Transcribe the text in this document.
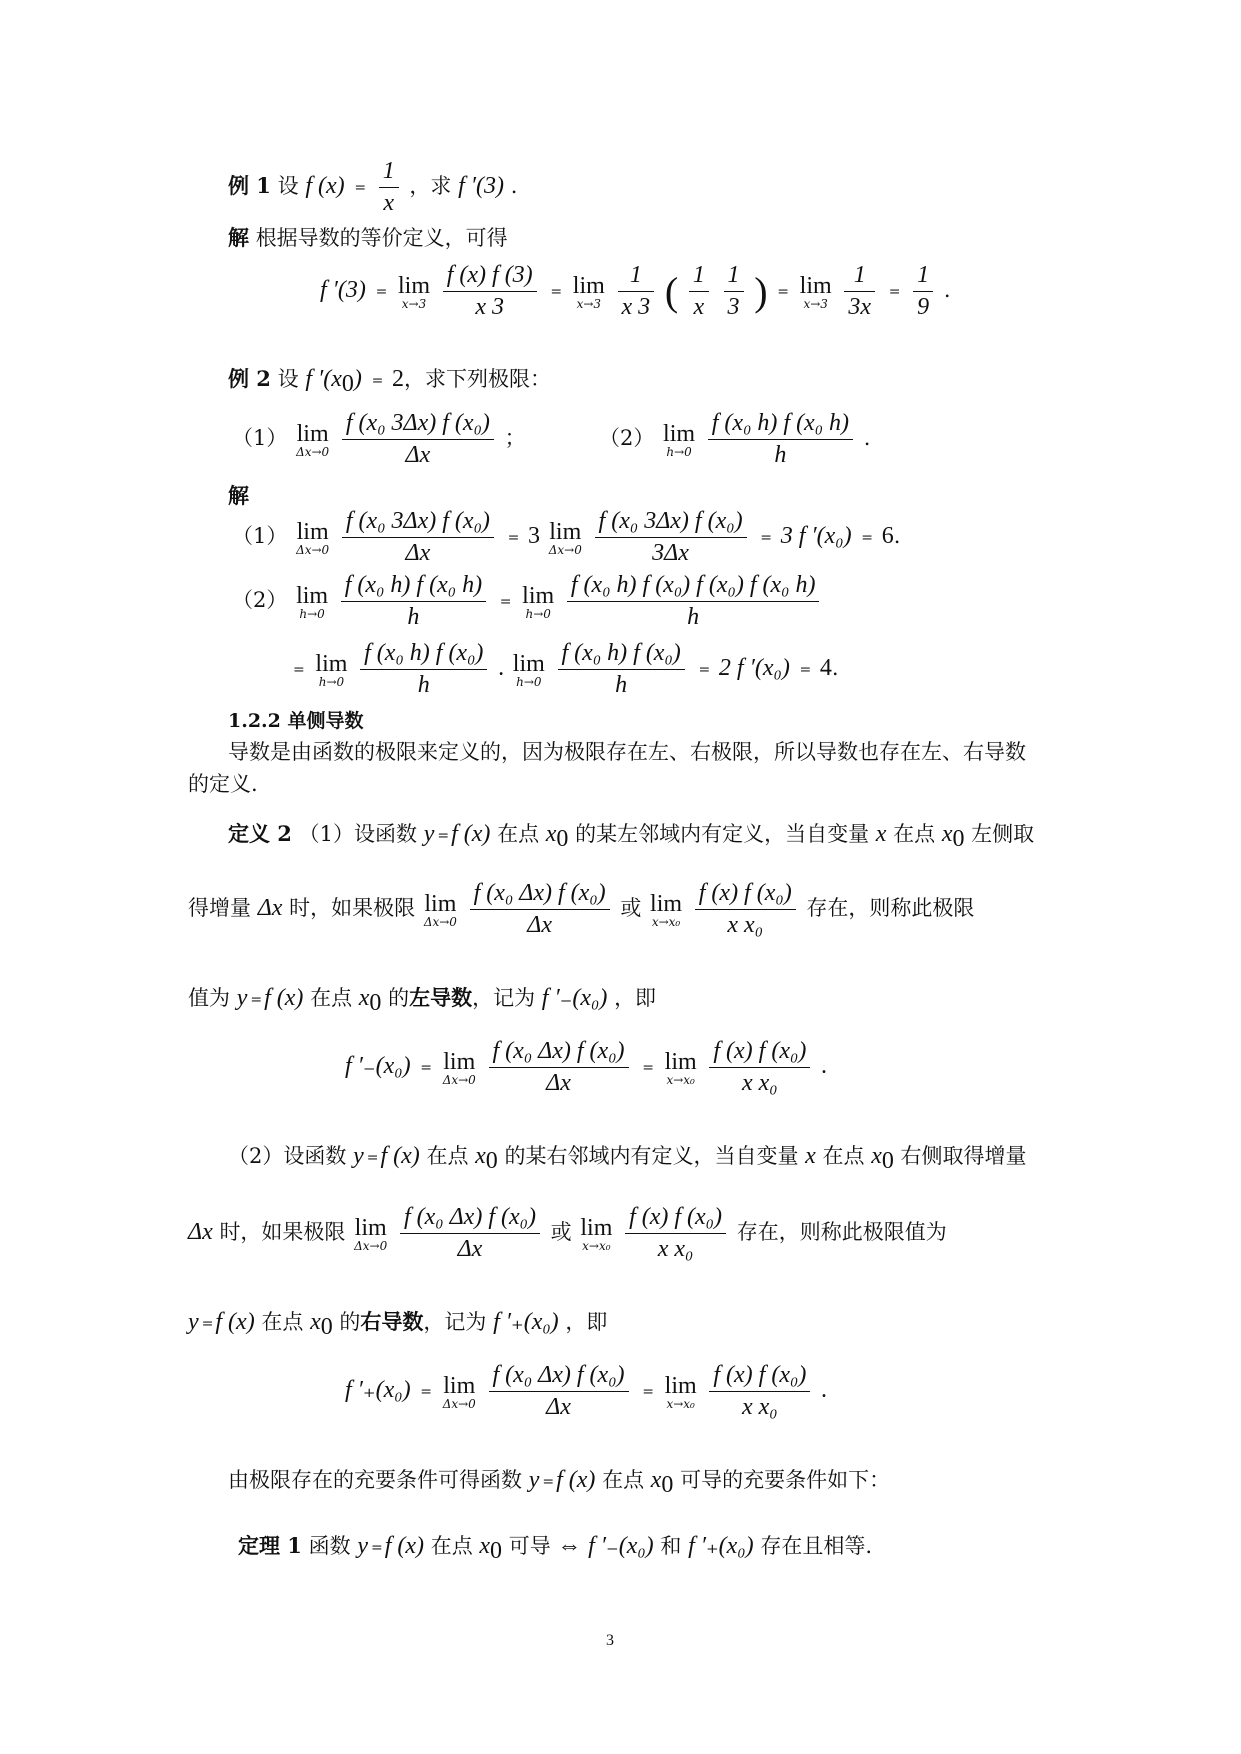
例 1 设 f $(x) = \frac{1}{x}$ ，求 f ′(3) .
解 根据导数的等价定义，可得
f ′(3) = lim
x→3
$\frac{f (x) f (3)}{x 3} = \lim$
x→3
$\frac{1}{x 3}$ ( $\frac{1}{x}$
$\frac{1}{3}$ ) = lim
x→3
$\frac{1}{3x} = \frac{1}{9}$ .
例 2 设 f $'(x_0) = 2$，求下列极限：
（1） lim
Δx→0
$\frac{\text{f (x₀ 3Δx) f (x₀)}}{\Delta x}$ ；	（2） lim
h→0
$\frac{\text{f (x₀ h) f (x₀ h)}}{h}$ .
解
（1） lim
Δx→0
$\frac{\text{f (x₀ 3Δx) f (x₀)}}{\Delta x} = 3$ lim
Δx→0
$\frac{\text{f (x₀ 3Δx) f (x₀)}}{3\Delta x} = 3$ f ′(x₀) = 6.
（2） lim
h→0
$\frac{\text{f (x₀ h) f (x₀ h)}}{h} = \lim$
h→0
$\frac{\text{f (x₀ h) f (x₀) f (x₀) f (x₀ h)}}{h}$
= lim
h→0
$\frac{\text{f (x₀ h) f (x₀)}}{h}$ . lim
h→0
$\frac{\text{f (x₀ h) f (x₀)}}{h} = 2$ f ′(x₀) = 4.
1.2.2 单侧导数
导数是由函数的极限来定义的，因为极限存在左、右极限，所以导数也存在左、右导数
的定义.
定义 2 （1）设函数 y = f (x) 在点 $x_0$ 的某左邻域内有定义，当自变量 x 在点 $x_0$ 左侧取
得增量 Δx 时，如果极限 lim
Δx→0
$\frac{\text{f (x₀ Δx) f (x₀)}}{\Delta x}$ 或 lim
x→x₀
$\frac{\text{f (x) f (x₀)}}{\text{x x₀}}$ 存在，则称此极限
值为 y = f (x) 在点 $x_0$ 的左导数，记为 f ′₋(x₀) ，即
f ′₋(x₀) = lim
Δx→0
$\frac{\text{f (x₀ Δx) f (x₀)}}{\Delta x} = \lim$
x→x₀
$\frac{\text{f (x) f (x₀)}}{\text{x x₀}}$ .
（2）设函数 y = f (x) 在点 $x_0$ 的某右邻域内有定义，当自变量 x 在点 $x_0$ 右侧取得增量
Δx 时，如果极限 lim
Δx→0
$\frac{\text{f (x₀ Δx) f (x₀)}}{\Delta x}$ 或 lim
x→x₀
$\frac{\text{f (x) f (x₀)}}{\text{x x₀}}$ 存在，则称此极限值为
y = f (x) 在点 $x_0$ 的右导数，记为 f ′₊(x₀) ，即
f ′₊(x₀) = lim
Δx→0
$\frac{\text{f (x₀ Δx) f (x₀)}}{\Delta x} = \lim$
x→x₀
$\frac{\text{f (x) f (x₀)}}{\text{x x₀}}$ .
由极限存在的充要条件可得函数 y = f (x) 在点 $x_0$ 可导的充要条件如下：
定理 1 函数 y = f (x) 在点 $x_0$ 可导 ⇔ f ′₋(x₀) 和 f ′₊(x₀) 存在且相等.
3
